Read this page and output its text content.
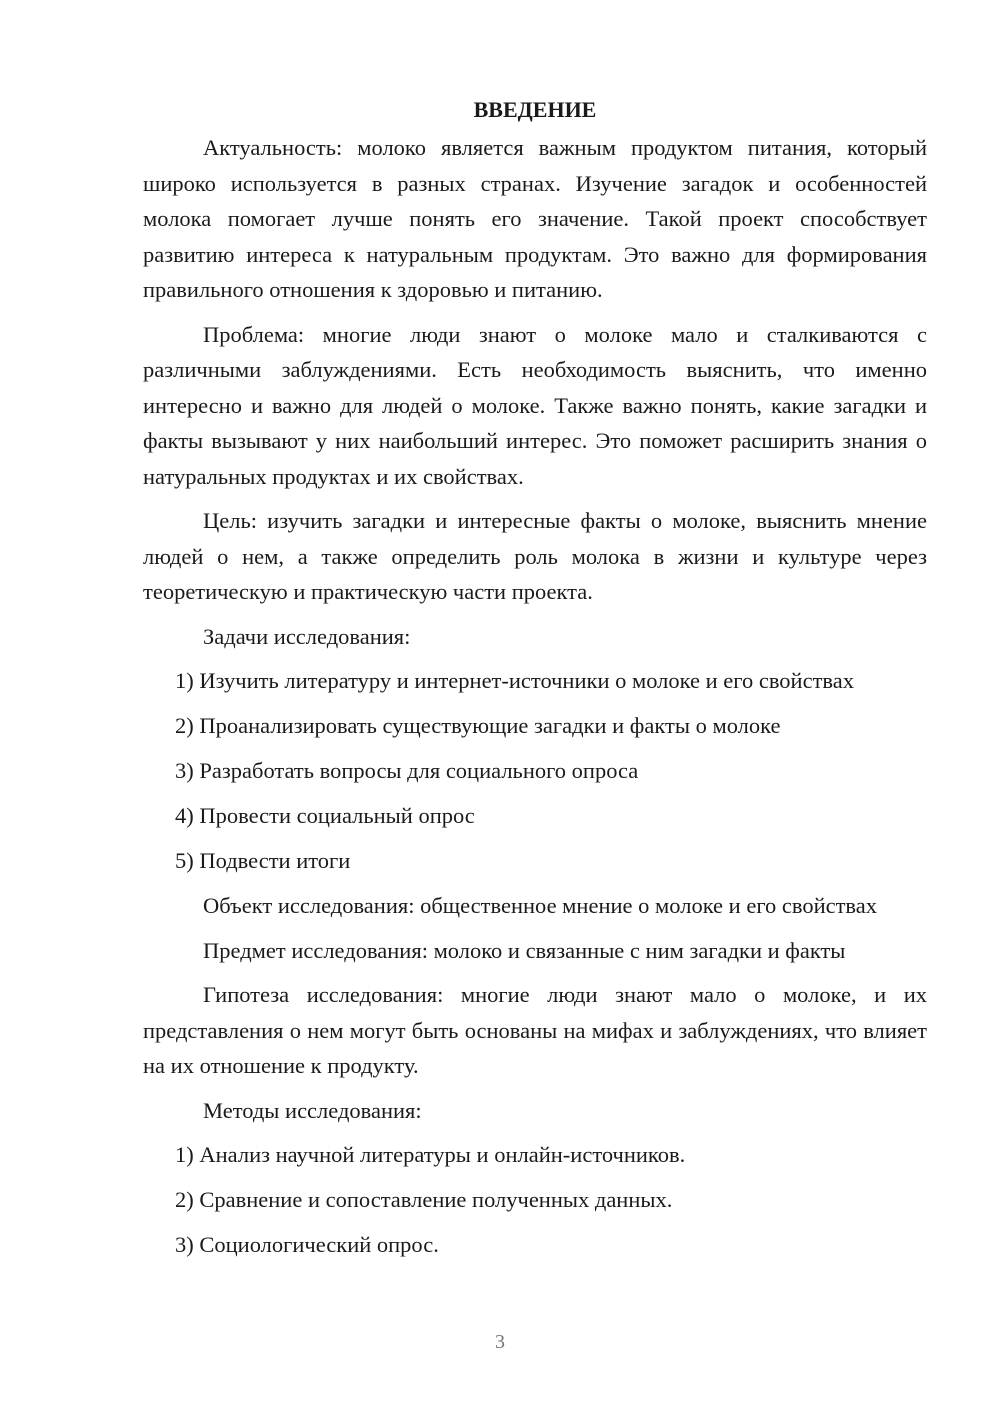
ВВЕДЕНИЕ

Актуальность: молоко является важным продуктом питания, который широко используется в разных странах. Изучение загадок и особенностей молока помогает лучше понять его значение. Такой проект способствует развитию интереса к натуральным продуктам. Это важно для формирования правильного отношения к здоровью и питанию.

Проблема: многие люди знают о молоке мало и сталкиваются с различными заблуждениями. Есть необходимость выяснить, что именно интересно и важно для людей о молоке. Также важно понять, какие загадки и факты вызывают у них наибольший интерес. Это поможет расширить знания о натуральных продуктах и их свойствах.

Цель: изучить загадки и интересные факты о молоке, выяснить мнение людей о нем, а также определить роль молока в жизни и культуре через теоретическую и практическую части проекта.

Задачи исследования:

1) Изучить литературу и интернет-источники о молоке и его свойствах
2) Проанализировать существующие загадки и факты о молоке
3) Разработать вопросы для социального опроса
4) Провести социальный опрос
5) Подвести итоги

Объект исследования: общественное мнение о молоке и его свойствах

Предмет исследования: молоко и связанные с ним загадки и факты

Гипотеза исследования: многие люди знают мало о молоке, и их представления о нем могут быть основаны на мифах и заблуждениях, что влияет на их отношение к продукту.

Методы исследования:

1) Анализ научной литературы и онлайн-источников.
2) Сравнение и сопоставление полученных данных.
3) Социологический опрос.
3
